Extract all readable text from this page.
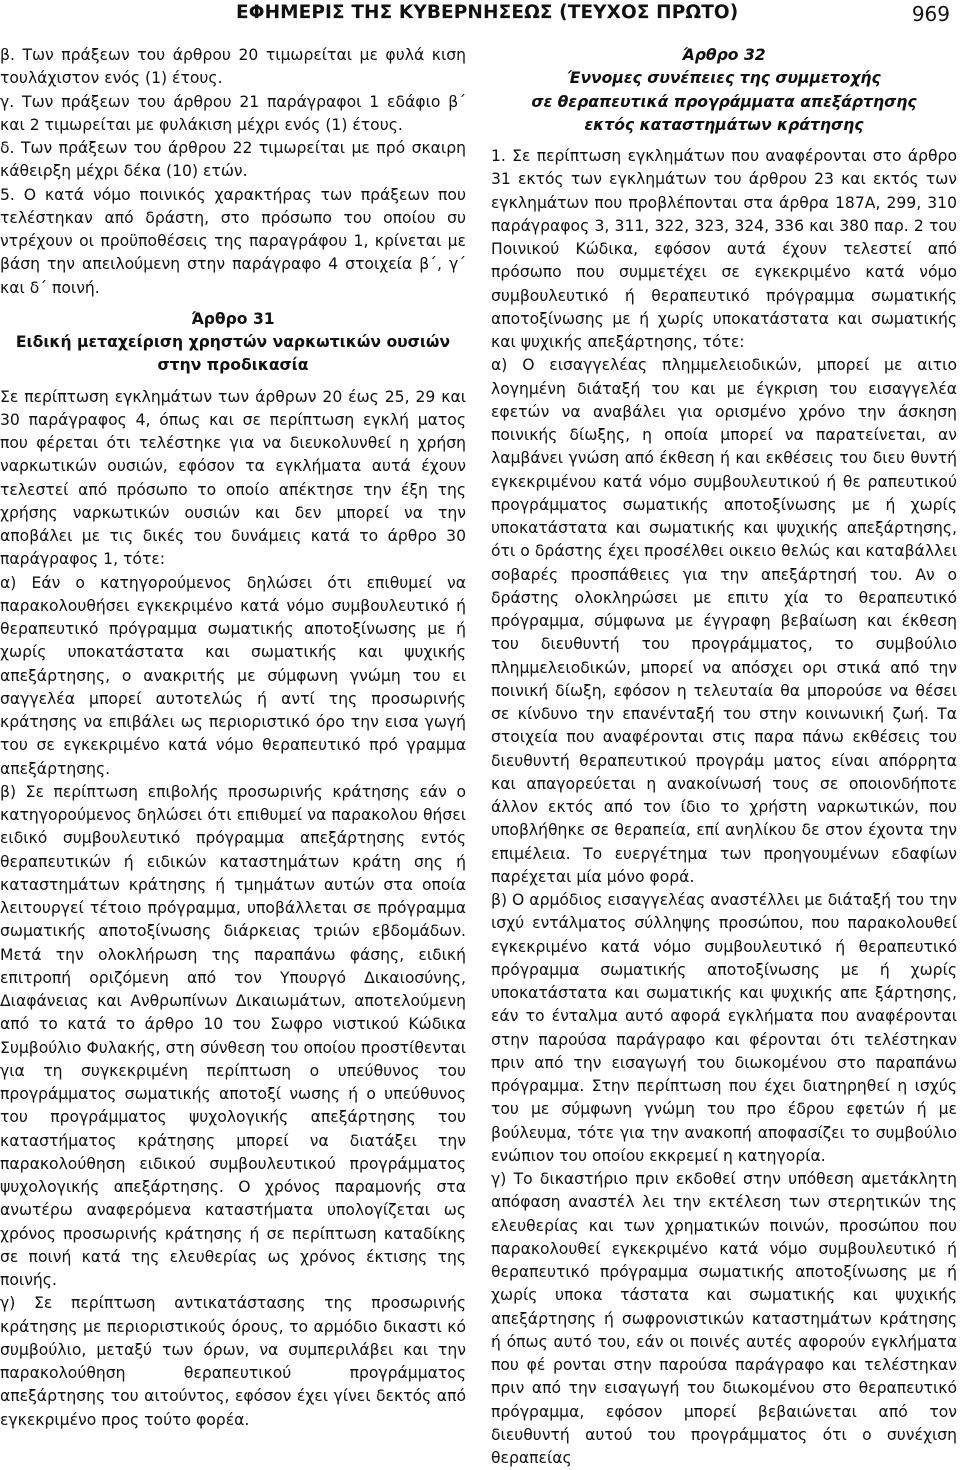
ΕΦΗΜΕΡΙΣ ΤΗΣ ΚΥΒΕΡΝΗΣΕΩΣ (ΤΕΥΧΟΣ ΠΡΩΤΟ)	969

β. Των πράξεων του άρθρου 20 τιμωρείται με φυλά κιση τουλάχιστον ενός (1) έτους.

γ. Των πράξεων του άρθρου 21 παράγραφοι 1 εδάφιο β΄ και 2 τιμωρείται με φυλάκιση μέχρι ενός (1) έτους.

δ. Των πράξεων του άρθρου 22 τιμωρείται με πρό σκαιρη κάθειρξη μέχρι δέκα (10) ετών.

5. Ο κατά νόμο ποινικός χαρακτήρας των πράξεων που τελέστηκαν από δράστη, στο πρόσωπο του οποίου συ ντρέχουν οι προϋποθέσεις της παραγράφου 1, κρίνεται με βάση την απειλούμενη στην παράγραφο 4 στοιχεία β΄, γ΄ και δ΄ ποινή.

Άρθρο 31

Ειδική μεταχείριση χρηστών ναρκωτικών ουσιών

στην προδικασία

Σε περίπτωση εγκλημάτων των άρθρων 20 έως 25, 29 και 30 παράγραφος 4, όπως και σε περίπτωση εγκλή ματος που φέρεται ότι τελέστηκε για να διευκολυνθεί η χρήση ναρκωτικών ουσιών, εφόσον τα εγκλήματα αυτά έχουν τελεστεί από πρόσωπο το οποίο απέκτησε την έξη της χρήσης ναρκωτικών ουσιών και δεν μπορεί να την αποβάλει με τις δικές του δυνάμεις κατά το άρθρο 30 παράγραφος 1, τότε:

α) Εάν ο κατηγορούμενος δηλώσει ότι επιθυμεί να παρακολουθήσει εγκεκριμένο κατά νόμο συμβουλευτικό ή θεραπευτικό πρόγραμμα σωματικής αποτοξίνωσης με ή χωρίς υποκατάστατα και σωματικής και ψυχικής απεξάρτησης, ο ανακριτής με σύμφωνη γνώμη του ει σαγγελέα μπορεί αυτοτελώς ή αντί της προσωρινής κράτησης να επιβάλει ως περιοριστικό όρο την εισα γωγή του σε εγκεκριμένο κατά νόμο θεραπευτικό πρό γραμμα απεξάρτησης.

β) Σε περίπτωση επιβολής προσωρινής κράτησης εάν ο κατηγορούμενος δηλώσει ότι επιθυμεί να παρακολου θήσει ειδικό συμβουλευτικό πρόγραμμα απεξάρτησης εντός θεραπευτικών ή ειδικών καταστημάτων κράτη σης ή καταστημάτων κράτησης ή τμημάτων αυτών στα οποία λειτουργεί τέτοιο πρόγραμμα, υποβάλλεται σε πρόγραμμα σωματικής αποτοξίνωσης διάρκειας τριών εβδομάδων. Μετά την ολοκλήρωση της παραπάνω φάσης, ειδική επιτροπή οριζόμενη από τον Υπουργό Δικαιοσύνης, Διαφάνειας και Ανθρωπίνων Δικαιωμάτων, αποτελούμενη από το κατά το άρθρο 10 του Σωφρο νιστικού Κώδικα Συμβούλιο Φυλακής, στη σύνθεση του οποίου προστίθενται για τη συγκεκριμένη περίπτωση ο υπεύθυνος του προγράμματος σωματικής αποτοξί νωσης ή ο υπεύθυνος του προγράμματος ψυχολογικής απεξάρτησης του καταστήματος κράτησης μπορεί να διατάξει την παρακολούθηση ειδικού συμβουλευτικού προγράμματος ψυχολογικής απεξάρτησης. Ο χρόνος παραμονής στα ανωτέρω αναφερόμενα καταστήματα υπολογίζεται ως χρόνος προσωρινής κράτησης ή σε περίπτωση καταδίκης σε ποινή κατά της ελευθερίας ως χρόνος έκτισης της ποινής.

γ) Σε περίπτωση αντικατάστασης της προσωρινής κράτησης με περιοριστικούς όρους, το αρμόδιο δικαστι κό συμβούλιο, μεταξύ των όρων, να συμπεριλάβει και την παρακολούθηση θεραπευτικού προγράμματος απεξάρτησης του αιτούντος, εφόσον έχει γίνει δεκτός από εγκεκριμένο προς τούτο φορέα.

Άρθρο 32

Έννομες συνέπειες της συμμετοχής

σε θεραπευτικά προγράμματα απεξάρτησης

εκτός καταστημάτων κράτησης

1. Σε περίπτωση εγκλημάτων που αναφέρονται στο άρθρο 31 εκτός των εγκλημάτων του άρθρου 23 και εκτός των εγκλημάτων που προβλέπονται στα άρθρα 187Α, 299, 310 παράγραφος 3, 311, 322, 323, 324, 336 και 380 παρ. 2 του Ποινικού Κώδικα, εφόσον αυτά έχουν τελεστεί από πρόσωπο που συμμετέχει σε εγκεκριμένο κατά νόμο συμβουλευτικό ή θεραπευτικό πρόγραμμα σωματικής αποτοξίνωσης με ή χωρίς υποκατάστατα και σωματικής και ψυχικής απεξάρτησης, τότε:

α) Ο εισαγγελέας πλημμελειοδικών, μπορεί με αιτιο λογημένη διάταξή του και με έγκριση του εισαγγελέα εφετών να αναβάλει για ορισμένο χρόνο την άσκηση ποινικής δίωξης, η οποία μπορεί να παρατείνεται, αν λαμβάνει γνώση από έκθεση ή και εκθέσεις του διευ θυντή εγκεκριμένου κατά νόμο συμβουλευτικού ή θε ραπευτικού προγράμματος σωματικής αποτοξίνωσης με ή χωρίς υποκατάστατα και σωματικής και ψυχικής απεξάρτησης, ότι ο δράστης έχει προσέλθει οικειο θελώς και καταβάλλει σοβαρές προσπάθειες για την απεξάρτησή του. Αν ο δράστης ολοκληρώσει με επιτυ χία το θεραπευτικό πρόγραμμα, σύμφωνα με έγγραφη βεβαίωση και έκθεση του διευθυντή του προγράμματος, το συμβούλιο πλημμελειοδικών, μπορεί να απόσχει ορι στικά από την ποινική δίωξη, εφόσον η τελευταία θα μπορούσε να θέσει σε κίνδυνο την επανένταξή του στην κοινωνική ζωή. Τα στοιχεία που αναφέρονται στις παρα πάνω εκθέσεις του διευθυντή θεραπευτικού προγράμ ματος είναι απόρρητα και απαγορεύεται η ανακοίνωσή τους σε οποιονδήποτε άλλον εκτός από τον ίδιο το χρήστη ναρκωτικών, που υποβλήθηκε σε θεραπεία, επί ανηλίκου δε στον έχοντα την επιμέλεια. Το ευεργέτημα των προηγουμένων εδαφίων παρέχεται μία μόνο φορά.

β) Ο αρμόδιος εισαγγελέας αναστέλλει με διάταξή του την ισχύ εντάλματος σύλληψης προσώπου, που παρακολουθεί εγκεκριμένο κατά νόμο συμβουλευτικό ή θεραπευτικό πρόγραμμα σωματικής αποτοξίνωσης με ή χωρίς υποκατάστατα και σωματικής και ψυχικής απε ξάρτησης, εάν το ένταλμα αυτό αφορά εγκλήματα που αναφέρονται στην παρούσα παράγραφο και φέρονται ότι τελέστηκαν πριν από την εισαγωγή του διωκομένου στο παραπάνω πρόγραμμα. Στην περίπτωση που έχει διατηρηθεί η ισχύς του με σύμφωνη γνώμη του προ έδρου εφετών ή με βούλευμα, τότε για την ανακοπή αποφασίζει το συμβούλιο ενώπιον του οποίου εκκρεμεί η κατηγορία.

γ) Το δικαστήριο πριν εκδοθεί στην υπόθεση αμετάκλητη απόφαση αναστέλ λει την εκτέλεση των στερητικών της ελευθερίας και των χρηματικών ποινών, προσώπου που παρακολουθεί εγκεκριμένο κατά νόμο συμβουλευτικό ή θεραπευτικό πρόγραμμα σωματικής αποτοξίνωσης με ή χωρίς υποκα τάστατα και σωματικής και ψυχικής απεξάρτησης ή σωφρονιστικών καταστημάτων κράτησης ή όπως αυτό του, εάν οι ποινές αυτές αφορούν εγκλήματα που φέ ρονται στην παρούσα παράγραφο και τελέστηκαν πριν από την εισαγωγή του διωκομένου στο θεραπευτικό πρόγραμμα, εφόσον μπορεί βεβαιώνεται από τον διευθυντή αυτού του προγράμματος ότι ο συνέχιση θεραπείας
